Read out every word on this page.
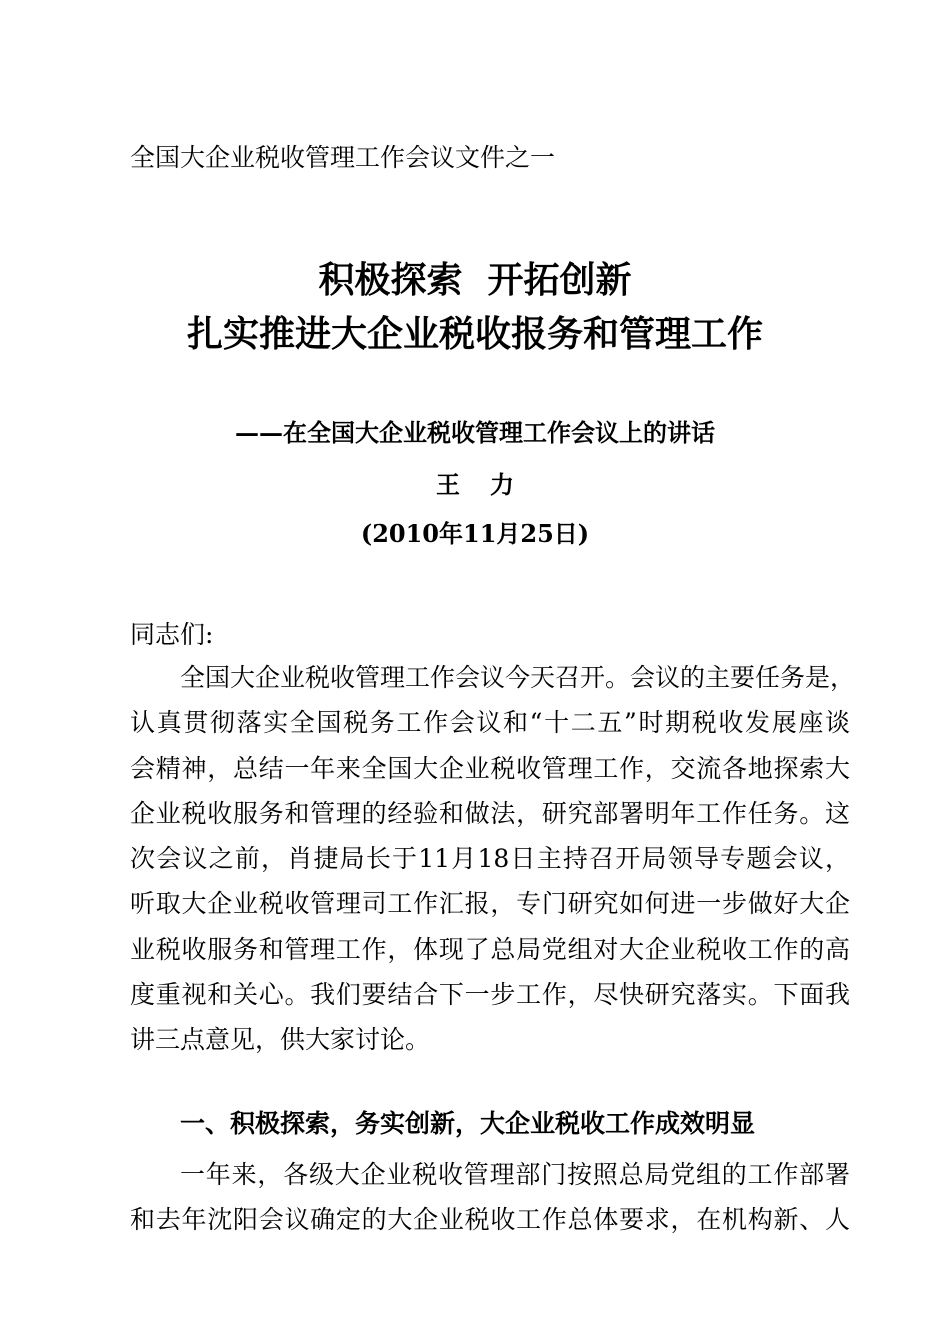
全国大企业税收管理工作会议文件之一
积极探索  开拓创新
扎实推进大企业税收报务和管理工作
——在全国大企业税收管理工作会议上的讲话
王力
(2010年11月25日)
同志们:
全国大企业税收管理工作会议今天召开。会议的主要任务是，
认真贯彻落实全国税务工作会议和“十二五”时期税收发展座谈
会精神，总结一年来全国大企业税收管理工作，交流各地探索大
企业税收服务和管理的经验和做法，研究部署明年工作任务。这
次会议之前，肖捷局长于11月18日主持召开局领导专题会议，
听取大企业税收管理司工作汇报，专门研究如何进一步做好大企
业税收服务和管理工作，体现了总局党组对大企业税收工作的高
度重视和关心。我们要结合下一步工作，尽快研究落实。下面我
讲三点意见，供大家讨论。
一、积极探索，务实创新，大企业税收工作成效明显
一年来，各级大企业税收管理部门按照总局党组的工作部署
和去年沈阳会议确定的大企业税收工作总体要求，在机构新、人
